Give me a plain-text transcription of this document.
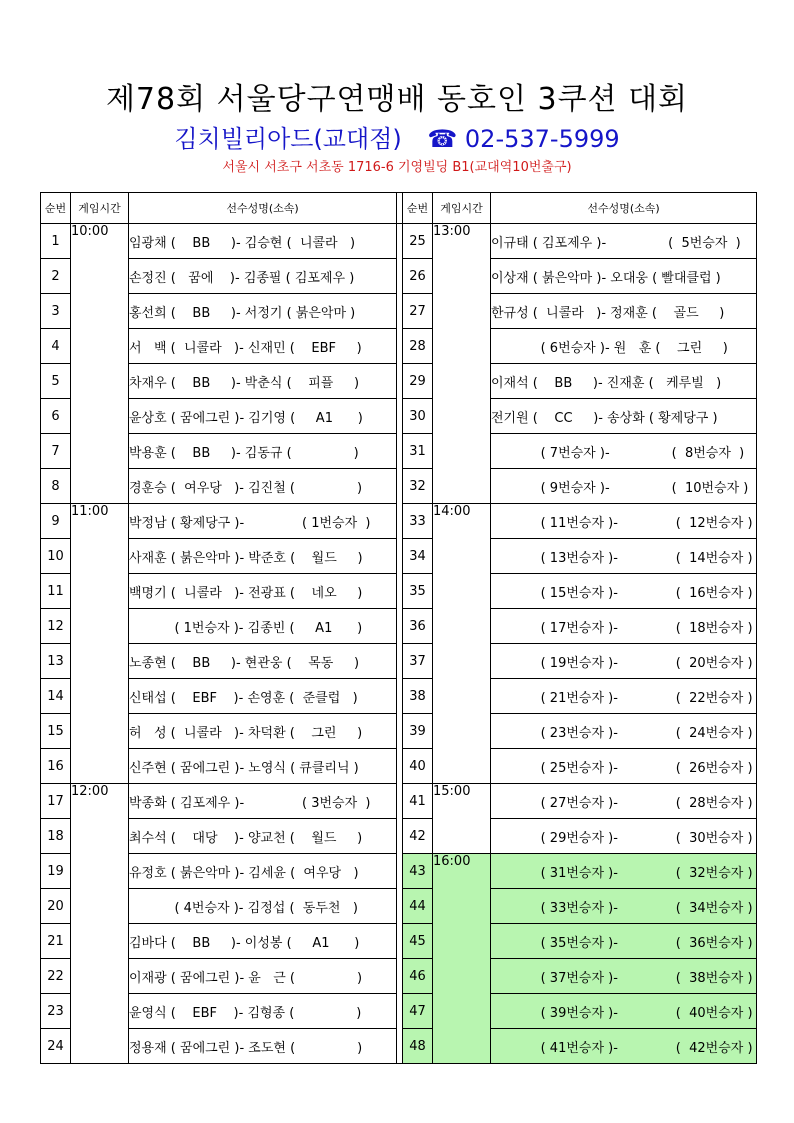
제78회 서울당구연맹배 동호인 3쿠션 대회
김치빌리아드(교대점) ☎ 02-537-5999
서울시 서초구 서초동 1716-6 기영빌딩 B1(교대역10번출구)
순번	게임시간	선수성명(소속)		순번	게임시간	선수성명(소속)
1	10:00	임광채 (    BB     )- 김승현 (  니콜라   )		25	13:00	이규태 ( 김포제우 )-               (  5번승자  )
2		손정진 (   꿈에    )- 김종필 ( 김포제우 )		26		이상재 ( 붉은악마 )- 오대웅 ( 빨대클럽 )
3		홍선희 (    BB     )- 서정기 ( 붉은악마 )		27		한규성 (  니콜라   )- 정재훈 (    골드     )
4		서   백 (  니콜라   )- 신재민 (    EBF     )		28		( 6번승자 )- 원   훈 (    그린     )
5		차재우 (    BB     )- 박춘식 (    피플     )		29		이재석 (    BB     )- 진재훈 (   케루빌   )
6		윤상호 ( 꿈에그린 )- 김기영 (     A1      )		30		전기원 (    CC     )- 송상화 ( 황제당구 )
7		박용훈 (    BB     )- 김동규 (               )		31		( 7번승자 )-               (  8번승자  )
8		경훈승 (  여우당   )- 김진철 (               )		32		( 9번승자 )-               (  10번승자 )
9	11:00	박정남 ( 황제당구 )-              ( 1번승자  )		33	14:00	( 11번승자 )-              (  12번승자 )
10		사재훈 ( 붉은악마 )- 박준호 (    월드     )		34		( 13번승자 )-              (  14번승자 )
11		백명기 (  니콜라   )- 전광표 (    네오     )		35		( 15번승자 )-              (  16번승자 )
12		( 1번승자 )- 김종빈 (     A1      )		36		( 17번승자 )-              (  18번승자 )
13		노종현 (    BB     )- 현관웅 (    목동     )		37		( 19번승자 )-              (  20번승자 )
14		신태섭 (    EBF    )- 손영훈 (  준클럽   )		38		( 21번승자 )-              (  22번승자 )
15		허   성 (  니콜라   )- 차덕환 (    그린     )		39		( 23번승자 )-              (  24번승자 )
16		신주현 ( 꿈에그린 )- 노영식 ( 큐클리닉 )		40		( 25번승자 )-              (  26번승자 )
17	12:00	박종화 ( 김포제우 )-              ( 3번승자  )		41	15:00	( 27번승자 )-              (  28번승자 )
18		최수석 (    대당    )- 양교천 (    월드     )		42		( 29번승자 )-              (  30번승자 )
19		유정호 ( 붉은악마 )- 김세윤 (  여우당   )		43	16:00	( 31번승자 )-              (  32번승자 )
20		( 4번승자 )- 김정섭 (  동두천   )		44		( 33번승자 )-              (  34번승자 )
21		김바다 (    BB     )- 이성봉 (     A1      )		45		( 35번승자 )-              (  36번승자 )
22		이재광 ( 꿈에그린 )- 윤   근 (               )		46		( 37번승자 )-              (  38번승자 )
23		윤영식 (    EBF    )- 김형종 (               )		47		( 39번승자 )-              (  40번승자 )
24		정용재 ( 꿈에그린 )- 조도현 (               )		48		( 41번승자 )-              (  42번승자 )
